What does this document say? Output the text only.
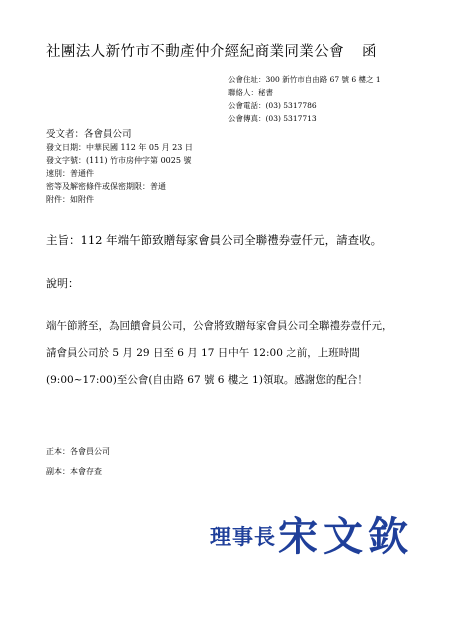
社團法人新竹市不動產仲介經紀商業同業公會 函
公會住址：300 新竹市自由路 67 號 6 樓之 1
聯絡人：秘書
公會電話：(03) 5317786
公會傳真：(03) 5317713
受文者：各會員公司
發文日期：中華民國 112 年 05 月 23 日
發文字號：(111) 竹市房仲字第 0025 號
速別：普通件
密等及解密條件或保密期限：普通
附件：如附件
主旨：112 年端午節致贈每家會員公司全聯禮券壹仟元，請查收。
說明：
端午節將至，為回饋會員公司，公會將致贈每家會員公司全聯禮券壹仟元，
請會員公司於 5 月 29 日至 6 月 17 日中午 12:00 之前，上班時間
(9:00~17:00)至公會(自由路 67 號 6 樓之 1)領取。感謝您的配合！
正本：各會員公司
副本：本會存查
理事長宋文欽
